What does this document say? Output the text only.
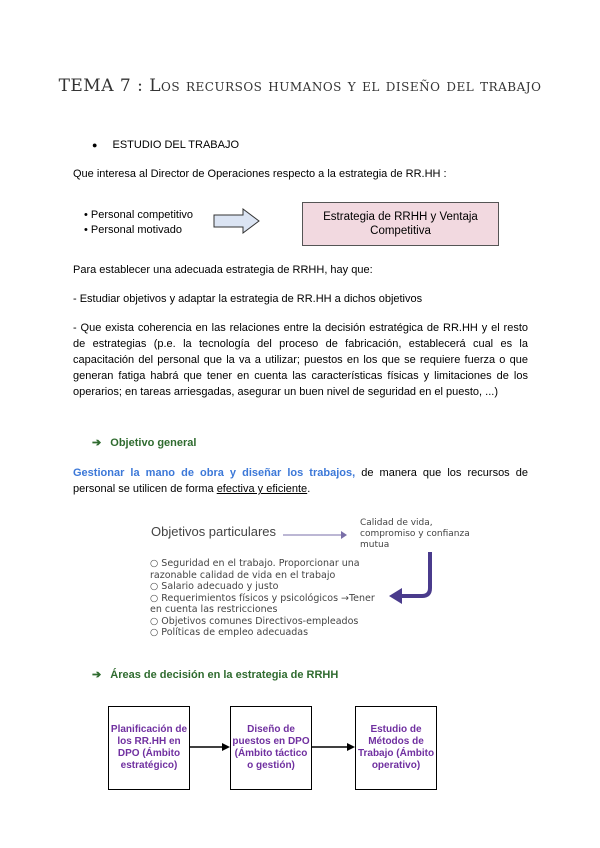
TEMA 7 : Los recursos humanos y el diseño del trabajo
● ESTUDIO DEL TRABAJO
Que interesa al Director de Operaciones respecto a la estrategia de RR.HH :
• Personal competitivo
• Personal motivado
Estrategia de RRHH y Ventaja Competitiva
Para establecer una adecuada estrategia de RRHH, hay que:
- Estudiar objetivos y adaptar la estrategia de RR.HH a dichos objetivos
- Que exista coherencia en las relaciones entre la decisión estratégica de RR.HH y el resto de estrategias (p.e. la tecnología del proceso de fabricación, establecerá cual es la capacitación del personal que la va a utilizar; puestos en los que se requiere fuerza o que generan fatiga habrá que tener en cuenta las características físicas y limitaciones de los operarios; en tareas arriesgadas, asegurar un buen nivel de seguridad en el puesto, ...)
➔ Objetivo general
Gestionar la mano de obra y diseñar los trabajos, de manera que los recursos de personal se utilicen de forma efectiva y eficiente.
Objetivos particulares
Calidad de vida, compromiso y confianza mutua
○ Seguridad en el trabajo. Proporcionar una razonable calidad de vida en el trabajo
○ Salario adecuado y justo
○ Requerimientos físicos y psicológicos →Tener en cuenta las restricciones
○ Objetivos comunes Directivos-empleados
○ Políticas de empleo adecuadas
➔ Áreas de decisión en la estrategia de RRHH
Planificación de los RR.HH en DPO (Ámbito estratégico)
Diseño de puestos en DPO (Ámbito táctico o gestión)
Estudio de Métodos de Trabajo (Ámbito operativo)
